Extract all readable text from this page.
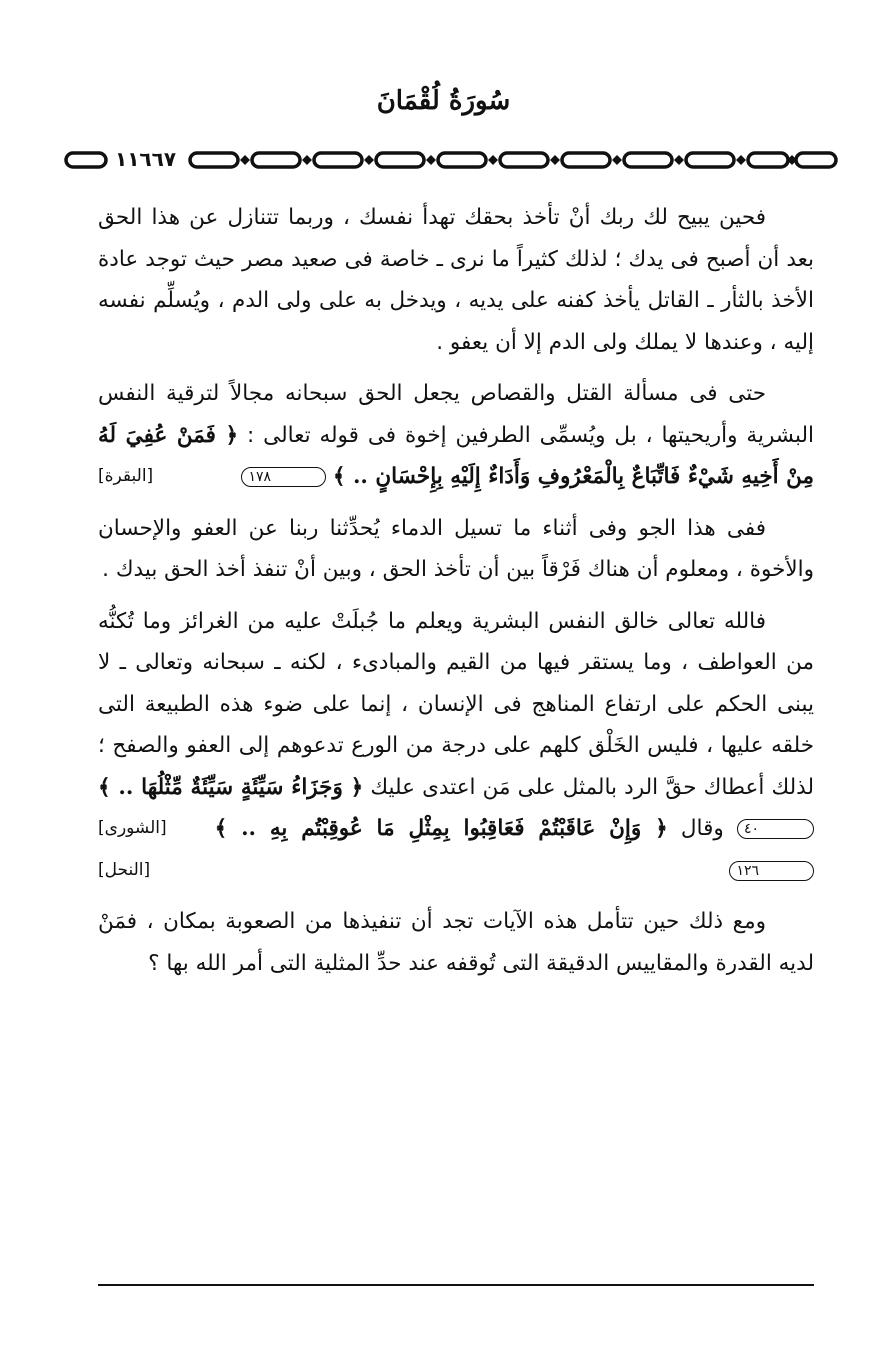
سُورَةُ لُقْمَانَ
١١٦٦٧

فحين يبيح لك ربك أنْ تأخذ بحقك تهدأ نفسك ، وربما تتنازل عن هذا الحق بعد أن أصبح فى يدك ؛ لذلك كثيراً ما نرى ـ خاصة فى صعيد مصر حيث توجد عادة الأخذ بالثأر ـ القاتل يأخذ كفنه على يديه ، ويدخل به على ولى الدم ، ويُسلِّم نفسه إليه ، وعندها لا يملك ولى الدم إلا أن يعفو .

حتى فى مسألة القتل والقصاص يجعل الحق سبحانه مجالاً لترقية النفس البشرية وأريحيتها ، بل ويُسمِّى الطرفين إخوة فى قوله تعالى : ﴿ فَمَنْ عُفِيَ لَهُ مِنْ أَخِيهِ شَيْءٌ فَاتِّبَاعٌ بِالْمَعْرُوفِ وَأَدَاءٌ إِلَيْهِ بِإِحْسَانٍ .. ﴾ ١٧٨
[البقرة]

ففى هذا الجو وفى أثناء ما تسيل الدماء يُحدِّثنا ربنا عن العفو والإحسان والأخوة ، ومعلوم أن هناك فَرْقاً بين أن تأخذ الحق ، وبين أنْ تنفذ أخذ الحق بيدك .

فالله تعالى خالق النفس البشرية ويعلم ما جُبلَتْ عليه من الغرائز وما تُكنُّه من العواطف ، وما يستقر فيها من القيم والمبادىء ، لكنه ـ سبحانه وتعالى ـ لا يبنى الحكم على ارتفاع المناهج فى الإنسان ، إنما على ضوء هذه الطبيعة التى خلقه عليها ، فليس الخَلْق كلهم على درجة من الورع تدعوهم إلى العفو والصفح ؛ لذلك أعطاك حقَّ الرد بالمثل على مَن اعتدى عليك ﴿ وَجَزَاءُ سَيِّئَةٍ سَيِّئَةٌ مِّثْلُهَا .. ﴾ ٤٠
[الشورى]	وقال ﴿ وَإِنْ عَاقَبْتُمْ فَعَاقِبُوا بِمِثْلِ مَا عُوقِبْتُم بِهِ .. ﴾ ١٢٦
[النحل]

ومع ذلك حين تتأمل هذه الآيات تجد أن تنفيذها من الصعوبة بمكان ، فمَنْ لديه القدرة والمقاييس الدقيقة التى تُوقفه عند حدِّ المثلية التى أمر الله بها ؟
